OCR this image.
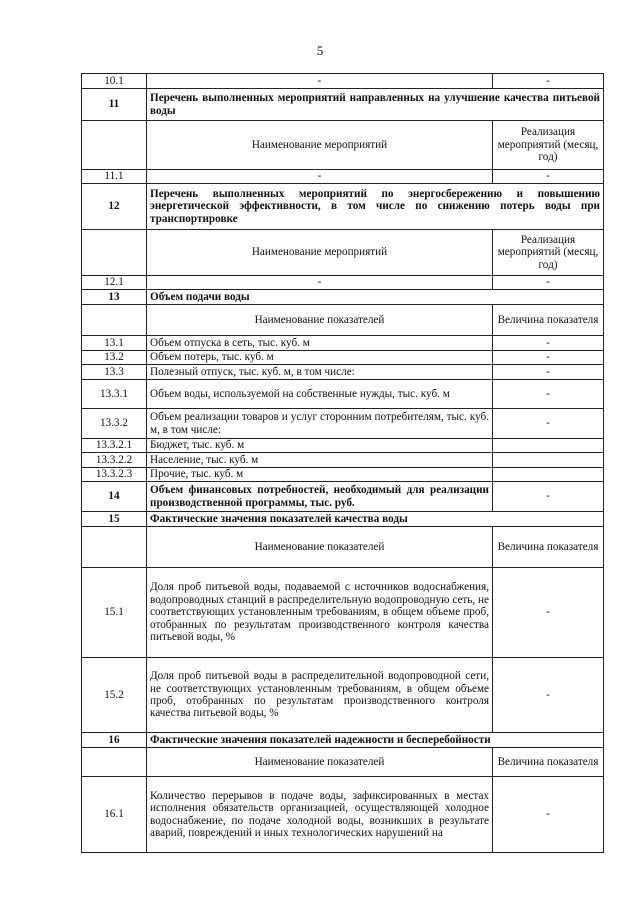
5
10.1	-	-
11	Перечень выполненных мероприятий направленных на улучшение качества питьевой воды	
	Наименование мероприятий	Реализация мероприятий (месяц, год)
11.1	-	-
12	Перечень выполненных мероприятий по энергосбережению и повышению энергетической эффективности, в том числе по снижению потерь воды при транспортировке	
	Наименование мероприятий	Реализация мероприятий (месяц, год)
12.1	-	-
13	Объем подачи воды	
	Наименование показателей	Величина показателя
13.1	Объем отпуска в сеть, тыс. куб. м	-
13.2	Объем потерь, тыс. куб. м	-
13.3	Полезный отпуск, тыс. куб. м, в том числе:	-
13.3.1	Объем воды, используемой на собственные нужды, тыс. куб. м	-
13.3.2	Объем реализации товаров и услуг сторонним потребителям, тыс. куб. м, в том числе:	-
13.3.2.1	Бюджет, тыс. куб. м	
13.3.2.2	Население, тыс. куб. м	
13.3.2.3	Прочие, тыс. куб. м	
14	Объем финансовых потребностей, необходимый для реализации производственной программы, тыс. руб.	-
15	Фактические значения показателей качества воды	
	Наименование показателей	Величина показателя
15.1	Доля проб питьевой воды, подаваемой с источников водоснабжения, водопроводных станций в распределительную водопроводную сеть, не соответствующих установленным требованиям, в общем объеме проб, отобранных по результатам производственного контроля качества питьевой воды, %	-
15.2	Доля проб питьевой воды в распределительной водопроводной сети, не соответствующих установленным требованиям, в общем объеме проб, отобранных по результатам производственного контроля качества питьевой воды, %	-
16	Фактические значения показателей надежности и бесперебойности	
	Наименование показателей	Величина показателя
16.1	Количество перерывов в подаче воды, зафиксированных в местах исполнения обязательств организацией, осуществляющей холодное водоснабжение, по подаче холодной воды, возникших в результате аварий, повреждений и иных технологических нарушений на	-
